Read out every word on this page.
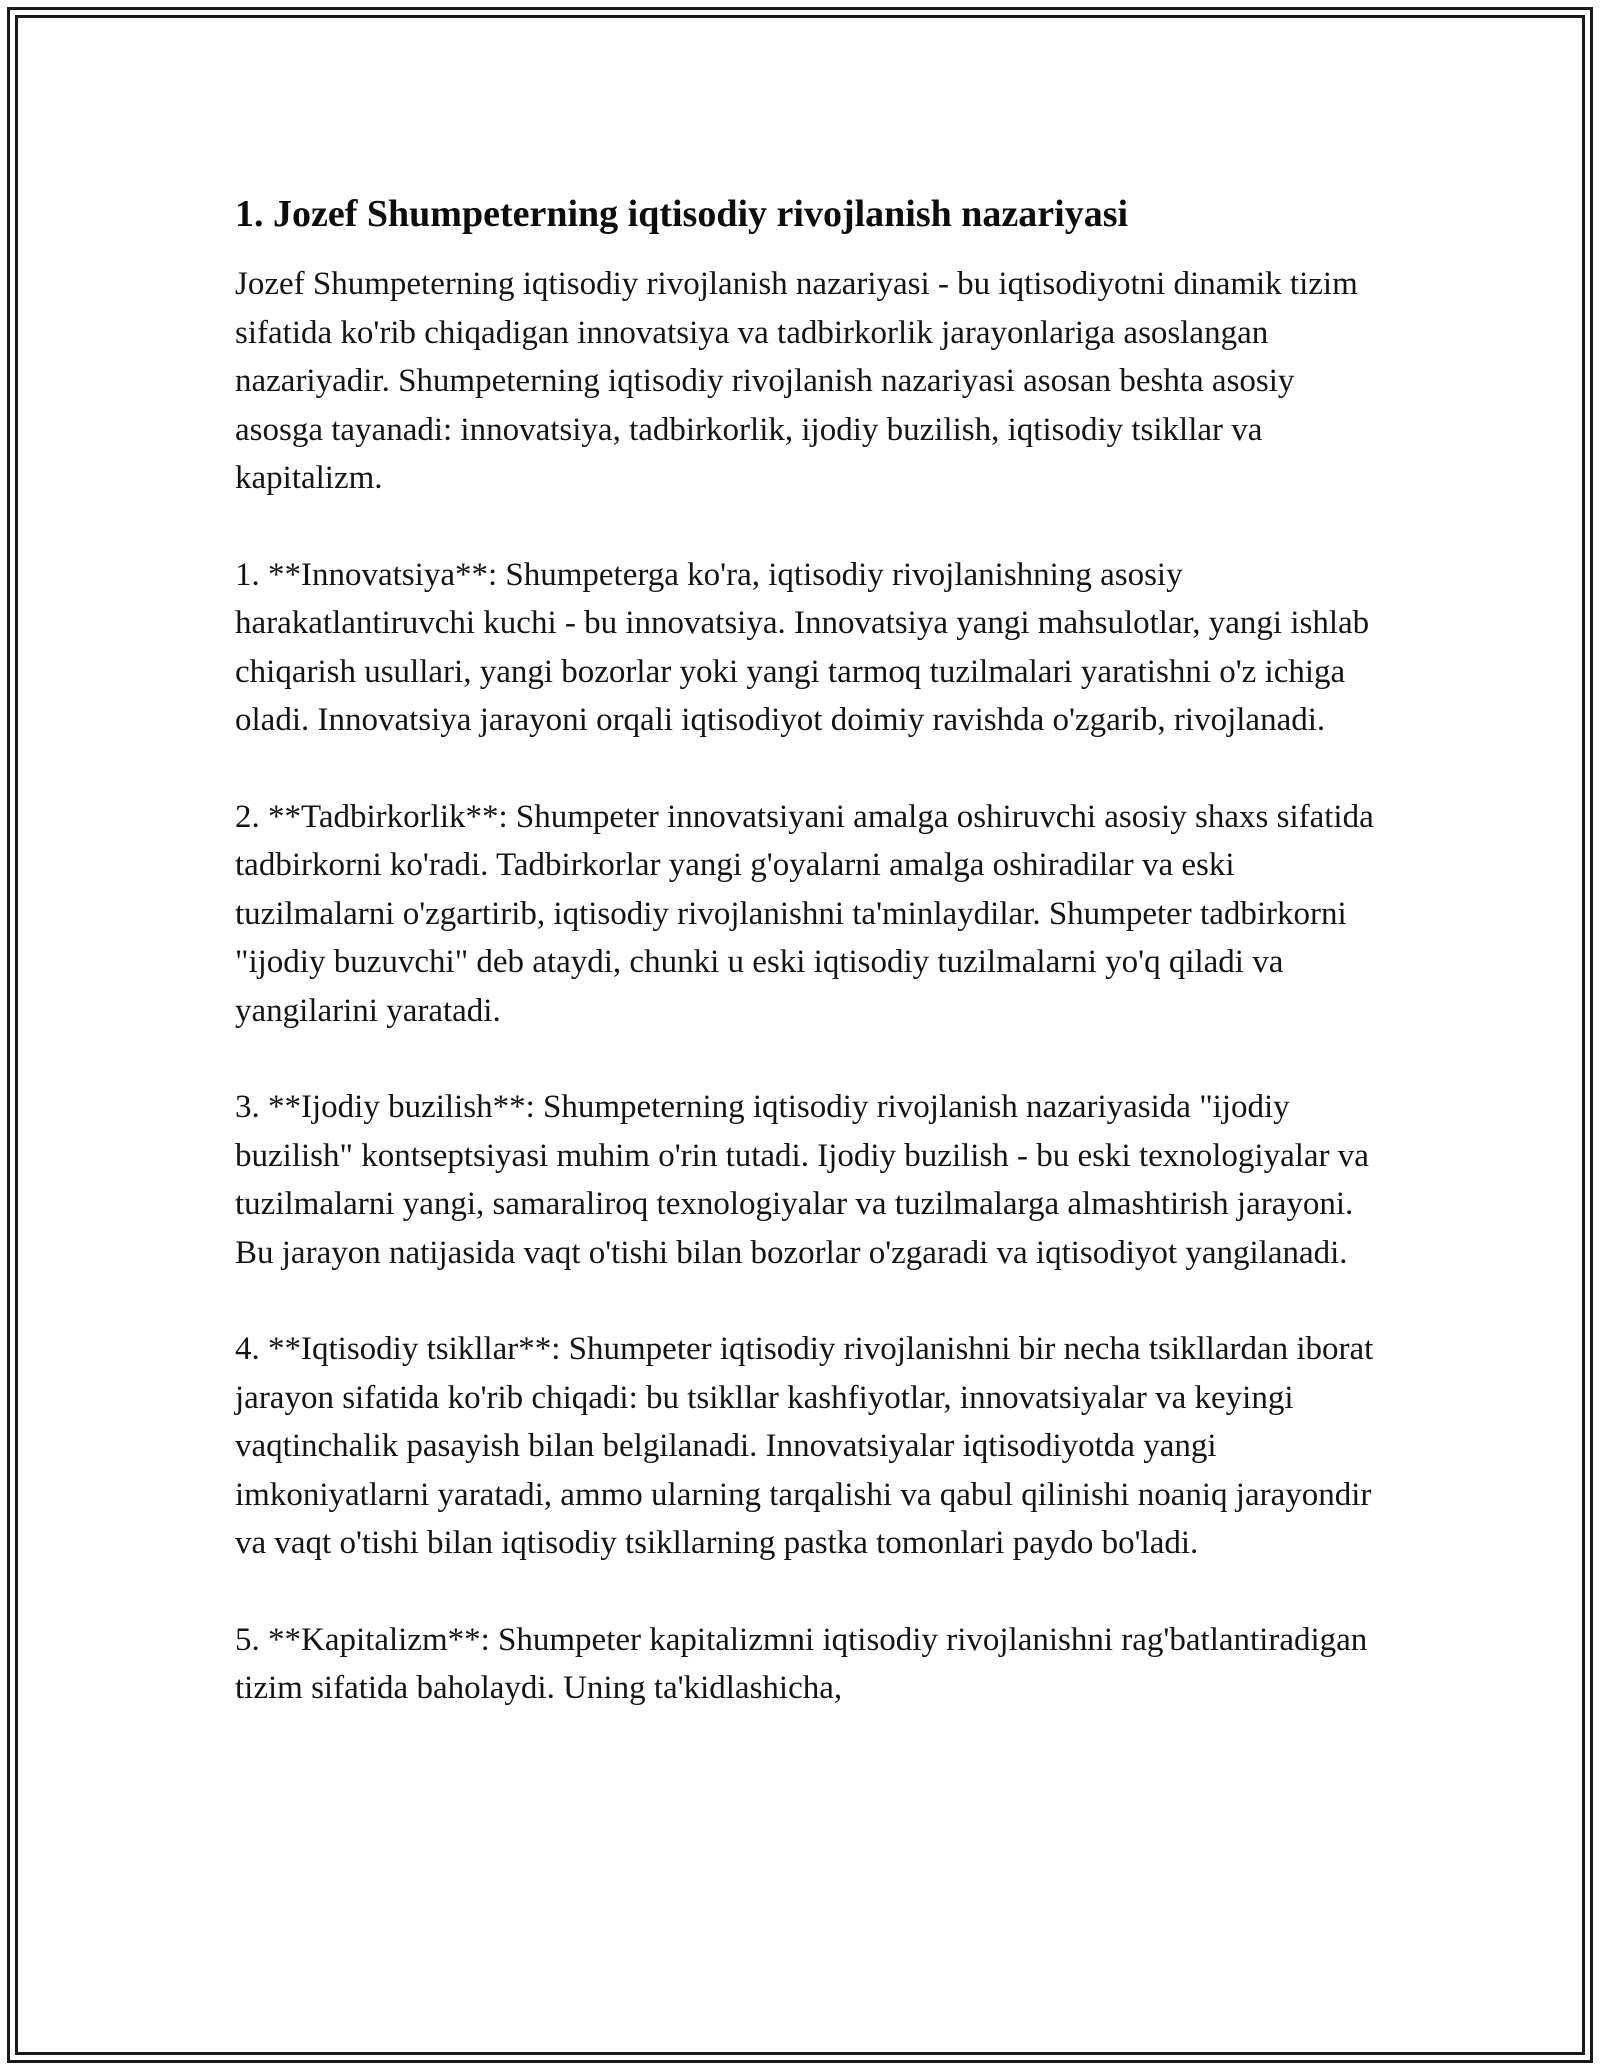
1. Jozef Shumpeterning iqtisodiy rivojlanish nazariyasi

Jozef Shumpeterning iqtisodiy rivojlanish nazariyasi - bu iqtisodiyotni dinamik tizim sifatida ko'rib chiqadigan innovatsiya va tadbirkorlik jarayonlariga asoslangan nazariyadir. Shumpeterning iqtisodiy rivojlanish nazariyasi asosan beshta asosiy asosga tayanadi: innovatsiya, tadbirkorlik, ijodiy buzilish, iqtisodiy tsikllar va kapitalizm.

1. **Innovatsiya**: Shumpeterga ko'ra, iqtisodiy rivojlanishning asosiy harakatlantiruvchi kuchi - bu innovatsiya. Innovatsiya yangi mahsulotlar, yangi ishlab chiqarish usullari, yangi bozorlar yoki yangi tarmoq tuzilmalari yaratishni o'z ichiga oladi. Innovatsiya jarayoni orqali iqtisodiyot doimiy ravishda o'zgarib, rivojlanadi.

2. **Tadbirkorlik**: Shumpeter innovatsiyani amalga oshiruvchi asosiy shaxs sifatida tadbirkorni ko'radi. Tadbirkorlar yangi g'oyalarni amalga oshiradilar va eski tuzilmalarni o'zgartirib, iqtisodiy rivojlanishni ta'minlaydilar. Shumpeter tadbirkorni "ijodiy buzuvchi" deb ataydi, chunki u eski iqtisodiy tuzilmalarni yo'q qiladi va yangilarini yaratadi.

3. **Ijodiy buzilish**: Shumpeterning iqtisodiy rivojlanish nazariyasida "ijodiy buzilish" kontseptsiyasi muhim o'rin tutadi. Ijodiy buzilish - bu eski texnologiyalar va tuzilmalarni yangi, samaraliroq texnologiyalar va tuzilmalarga almashtirish jarayoni. Bu jarayon natijasida vaqt o'tishi bilan bozorlar o'zgaradi va iqtisodiyot yangilanadi.

4. **Iqtisodiy tsikllar**: Shumpeter iqtisodiy rivojlanishni bir necha tsikllardan iborat jarayon sifatida ko'rib chiqadi: bu tsikllar kashfiyotlar, innovatsiyalar va keyingi vaqtinchalik pasayish bilan belgilanadi. Innovatsiyalar iqtisodiyotda yangi imkoniyatlarni yaratadi, ammo ularning tarqalishi va qabul qilinishi noaniq jarayondir va vaqt o'tishi bilan iqtisodiy tsikllarning pastka tomonlari paydo bo'ladi.

5. **Kapitalizm**: Shumpeter kapitalizmni iqtisodiy rivojlanishni rag'batlantiradigan tizim sifatida baholaydi. Uning ta'kidlashicha,
